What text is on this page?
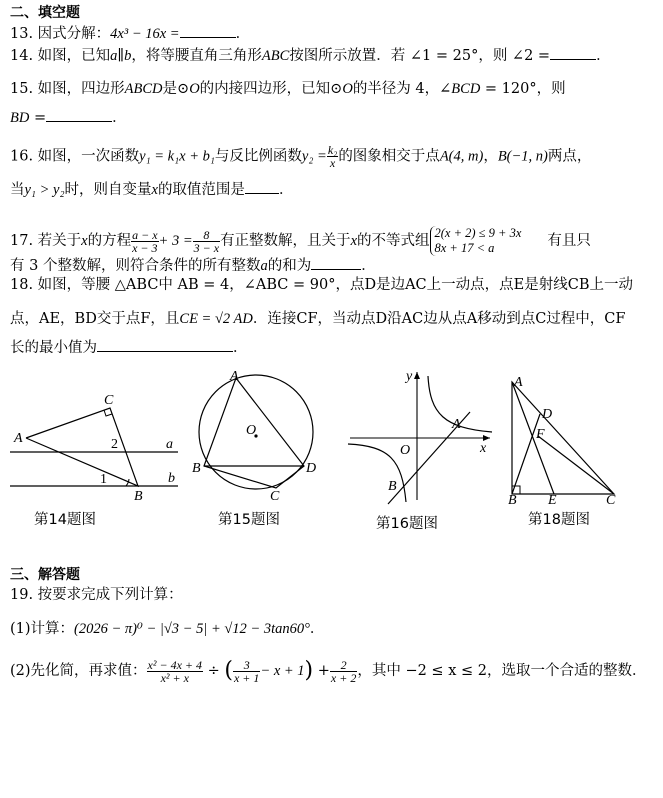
二、填空题
13. 因式分解：4x³ − 16x =	．
14. 如图，已知a∥b，将等腰直角三角形ABC按图所示放置．若 ∠1 = 25°，则 ∠2 =	．
15. 如图，四边形ABCD是⊙O的内接四边形，已知⊙O的半径为 4，∠BCD = 120°，则
BD =	．
16. 如图，一次函数y₁ = k₁x + b₁与反比例函数$y_2 = \frac{\text{k₂}}{x}$ 的图象相交于点A(4, m)，B(−1, n)两点，
当y₁ > y₂时，则自变量x的取值范围是 ．
17. 若关于x的方程 $\frac{a - x}{x - 3} + 3 = \frac{8}{3 - x}$ 有正整数解，且关于x的不等式组 2(x + 2) ≤ 9 + 3x
8x + 17 < a	有且只
有 3 个整数解，则符合条件的所有整数a的和为	．
18. 如图，等腰 △ABC中 AB = 4，∠ABC = 90°，点D是边AC上一动点，点E是射线CB上一动
点，AE，BD交于点F，且CE = √2 AD．连接CF，当动点D沿AC边从点A移动到点C过程中，CF
长的最小值为	．
A
B
C
a
b
2
1
第14题图
A
B
C
D
O
第15题图
y
x
O
A
B
第16题图
A
B	C
D
E
F
第18题图
三、解答题
19. 按要求完成下列计算：
(1)计算：(2026 − π)⁰ − |√3 − 5| + √12 − 3tan60°．
(2)先化简，再求值： $\frac{\text{x² − 4x + 4}}{\text{x² + x}}$ ÷ ( $\frac{3}{x + 1} - x + 1) + \frac{2}{x + 2}$ ，其中 −2 ≤ x ≤ 2，选取一个合适的整数．
